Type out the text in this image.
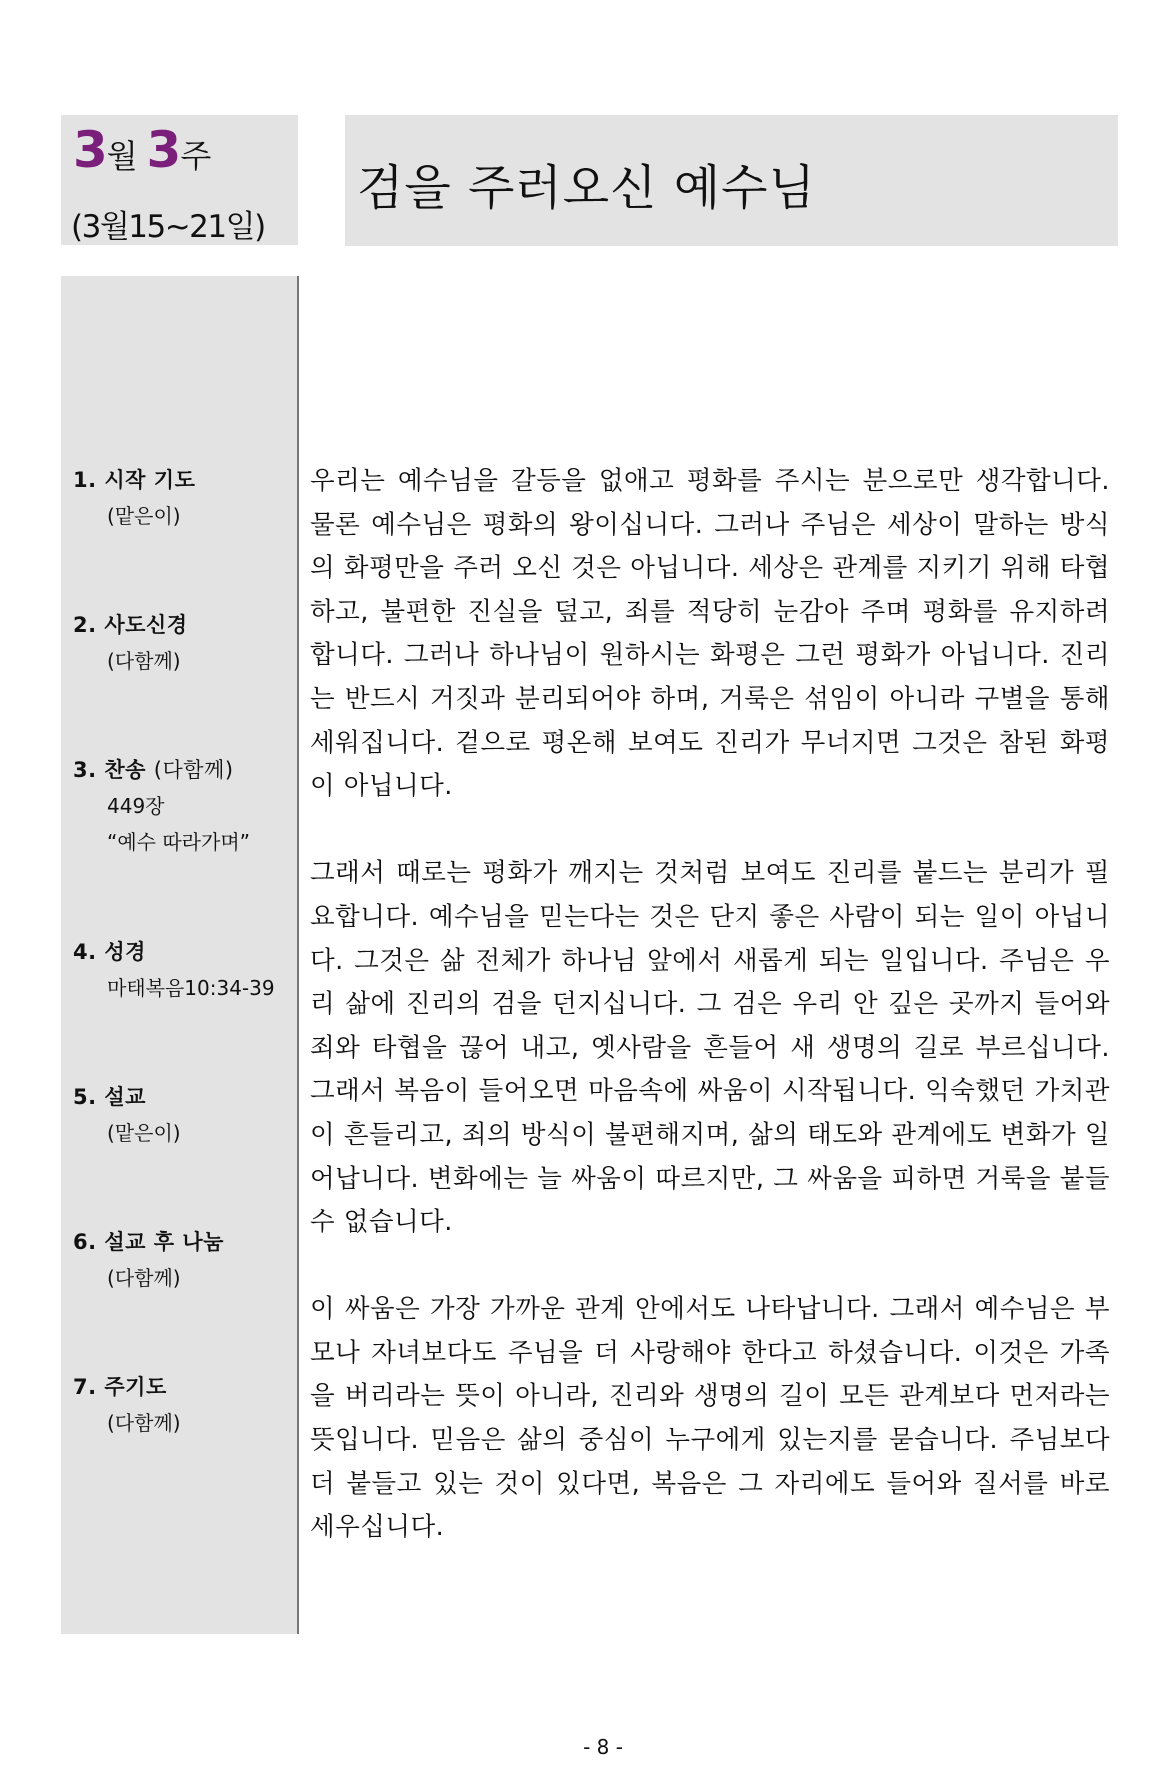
3월 3주
(3월15~21일)
검을 주러오신 예수님
1. 시작 기도
(맡은이)
2. 사도신경
(다함께)
3. 찬송 (다함께)
449장
“예수 따라가며”
4. 성경
마태복음10:34-39
5. 설교
(맡은이)
6. 설교 후 나눔
(다함께)
7. 주기도
(다함께)

우리는 예수님을 갈등을 없애고 평화를 주시는 분으로만 생각합니다. 물론 예수님은 평화의 왕이십니다. 그러나 주님은 세상이 말하는 방식의 화평만을 주러 오신 것은 아닙니다. 세상은 관계를 지키기 위해 타협하고, 불편한 진실을 덮고, 죄를 적당히 눈감아 주며 평화를 유지하려 합니다. 그러나 하나님이 원하시는 화평은 그런 평화가 아닙니다. 진리는 반드시 거짓과 분리되어야 하며, 거룩은 섞임이 아니라 구별을 통해 세워집니다. 겉으로 평온해 보여도 진리가 무너지면 그것은 참된 화평이 아닙니다.

그래서 때로는 평화가 깨지는 것처럼 보여도 진리를 붙드는 분리가 필요합니다. 예수님을 믿는다는 것은 단지 좋은 사람이 되는 일이 아닙니다. 그것은 삶 전체가 하나님 앞에서 새롭게 되는 일입니다. 주님은 우리 삶에 진리의 검을 던지십니다. 그 검은 우리 안 깊은 곳까지 들어와 죄와 타협을 끊어 내고, 옛사람을 흔들어 새 생명의 길로 부르십니다. 그래서 복음이 들어오면 마음속에 싸움이 시작됩니다. 익숙했던 가치관이 흔들리고, 죄의 방식이 불편해지며, 삶의 태도와 관계에도 변화가 일어납니다. 변화에는 늘 싸움이 따르지만, 그 싸움을 피하면 거룩을 붙들 수 없습니다.

이 싸움은 가장 가까운 관계 안에서도 나타납니다. 그래서 예수님은 부모나 자녀보다도 주님을 더 사랑해야 한다고 하셨습니다. 이것은 가족을 버리라는 뜻이 아니라, 진리와 생명의 길이 모든 관계보다 먼저라는 뜻입니다. 믿음은 삶의 중심이 누구에게 있는지를 묻습니다. 주님보다 더 붙들고 있는 것이 있다면, 복음은 그 자리에도 들어와 질서를 바로 세우십니다.

- 8 -
